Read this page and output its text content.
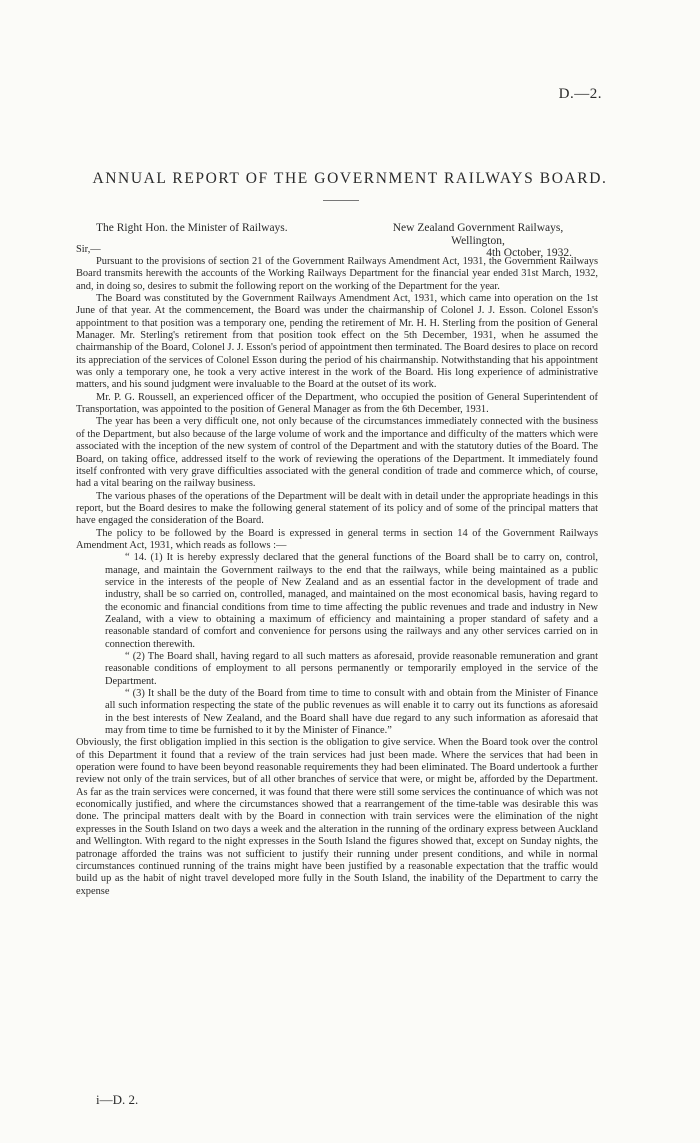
D.—2.
ANNUAL REPORT OF THE GOVERNMENT RAILWAYS BOARD.
The Right Hon. the Minister of Railways.	New Zealand Government Railways,
Wellington,
4th October, 1932.

Sir,—

Pursuant to the provisions of section 21 of the Government Railways Amendment Act, 1931, the Government Railways Board transmits herewith the accounts of the Working Railways Department for the financial year ended 31st March, 1932, and, in doing so, desires to submit the following report on the working of the Department for the year.

The Board was constituted by the Government Railways Amendment Act, 1931, which came into operation on the 1st June of that year. At the commencement, the Board was under the chairmanship of Colonel J. J. Esson. Colonel Esson's appointment to that position was a temporary one, pending the retirement of Mr. H. H. Sterling from the position of General Manager. Mr. Sterling's retirement from that position took effect on the 5th December, 1931, when he assumed the chairmanship of the Board, Colonel J. J. Esson's period of appointment then terminated. The Board desires to place on record its appreciation of the services of Colonel Esson during the period of his chairmanship. Notwithstanding that his appointment was only a temporary one, he took a very active interest in the work of the Board. His long experience of administrative matters, and his sound judgment were invaluable to the Board at the outset of its work.

Mr. P. G. Roussell, an experienced officer of the Department, who occupied the position of General Superintendent of Transportation, was appointed to the position of General Manager as from the 6th December, 1931.

The year has been a very difficult one, not only because of the circumstances immediately connected with the business of the Department, but also because of the large volume of work and the importance and difficulty of the matters which were associated with the inception of the new system of control of the Department and with the statutory duties of the Board. The Board, on taking office, addressed itself to the work of reviewing the operations of the Department. It immediately found itself confronted with very grave difficulties associated with the general condition of trade and commerce which, of course, had a vital bearing on the railway business.

The various phases of the operations of the Department will be dealt with in detail under the appropriate headings in this report, but the Board desires to make the following general statement of its policy and of some of the principal matters that have engaged the consideration of the Board.

The policy to be followed by the Board is expressed in general terms in section 14 of the Government Railways Amendment Act, 1931, which reads as follows :—

“ 14. (1) It is hereby expressly declared that the general functions of the Board shall be to carry on, control, manage, and maintain the Government railways to the end that the railways, while being maintained as a public service in the interests of the people of New Zealand and as an essential factor in the development of trade and industry, shall be so carried on, controlled, managed, and maintained on the most economical basis, having regard to the economic and financial conditions from time to time affecting the public revenues and trade and industry in New Zealand, with a view to obtaining a maximum of efficiency and maintaining a proper standard of safety and a reasonable standard of comfort and convenience for persons using the railways and any other services carried on in connection therewith.

“ (2) The Board shall, having regard to all such matters as aforesaid, provide reasonable remuneration and grant reasonable conditions of employment to all persons permanently or temporarily employed in the service of the Department.

“ (3) It shall be the duty of the Board from time to time to consult with and obtain from the Minister of Finance all such information respecting the state of the public revenues as will enable it to carry out its functions as aforesaid in the best interests of New Zealand, and the Board shall have due regard to any such information as aforesaid that may from time to time be furnished to it by the Minister of Finance.”

Obviously, the first obligation implied in this section is the obligation to give service. When the Board took over the control of this Department it found that a review of the train services had just been made. Where the services that had been in operation were found to have been beyond reasonable requirements they had been eliminated. The Board undertook a further review not only of the train services, but of all other branches of service that were, or might be, afforded by the Department. As far as the train services were concerned, it was found that there were still some services the continuance of which was not economically justified, and where the circumstances showed that a rearrangement of the time-table was desirable this was done. The principal matters dealt with by the Board in connection with train services were the elimination of the night expresses in the South Island on two days a week and the alteration in the running of the ordinary express between Auckland and Wellington. With regard to the night expresses in the South Island the figures showed that, except on Sunday nights, the patronage afforded the trains was not sufficient to justify their running under present conditions, and while in normal circumstances continued running of the trains might have been justified by a reasonable expectation that the traffic would build up as the habit of night travel developed more fully in the South Island, the inability of the Department to carry the expense

i—D. 2.
